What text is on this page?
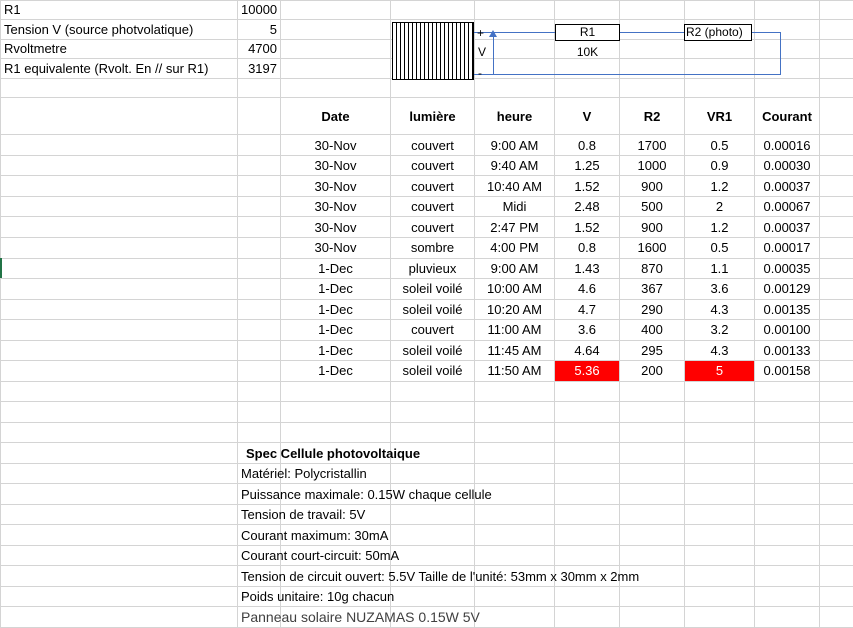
R1	10000								
Tension V (source photvolatique)	5								
Rvoltmetre	4700								
R1 equivalente (Rvolt. En // sur R1)	3197								

		Date	lumière	heure	V	R2	VR1	Courant	
		30-Nov	couvert	9:00 AM	0.8	1700	0.5	0.00016	
		30-Nov	couvert	9:40 AM	1.25	1000	0.9	0.00030	
		30-Nov	couvert	10:40 AM	1.52	900	1.2	0.00037	
		30-Nov	couvert	Midi	2.48	500	2	0.00067	
		30-Nov	couvert	2:47 PM	1.52	900	1.2	0.00037	
		30-Nov	sombre	4:00 PM	0.8	1600	0.5	0.00017	
		1-Dec	pluvieux	9:00 AM	1.43	870	1.1	0.00035	
		1-Dec	soleil voilé	10:00 AM	4.6	367	3.6	0.00129	
		1-Dec	soleil voilé	10:20 AM	4.7	290	4.3	0.00135	
		1-Dec	couvert	11:00 AM	3.6	400	3.2	0.00100	
		1-Dec	soleil voilé	11:45 AM	4.64	295	4.3	0.00133	
		1-Dec	soleil voilé	11:50 AM	5.36	200	5	0.00158	

	Spec Cellule photovoltaique								
	Matériel: Polycristallin								
	Puissance maximale: 0.15W chaque cellule								
	Tension de travail: 5V								
	Courant maximum: 30mA								
	Courant court-circuit: 50mA								
	Tension de circuit ouvert: 5.5V Taille de l'unité: 53mm x 30mm x 2mm								
	Poids unitaire: 10g chacun								
	Panneau solaire NUZAMAS 0.15W 5V								
+
V
-
R1
10K
R2 (photo)
